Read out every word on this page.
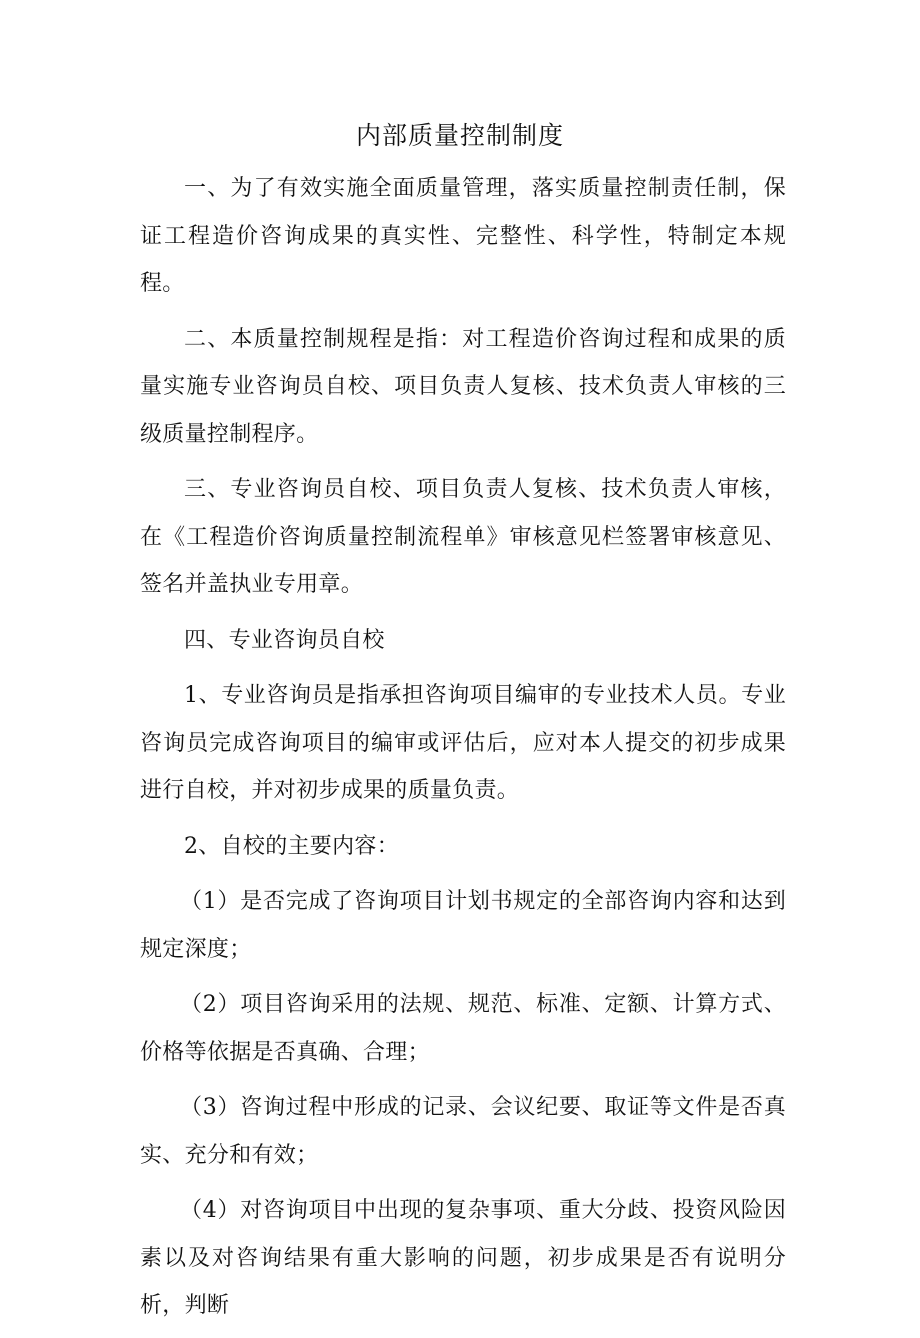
内部质量控制制度

一、为了有效实施全面质量管理，落实质量控制责任制，保证工程造价咨询成果的真实性、完整性、科学性，特制定本规程。

二、本质量控制规程是指：对工程造价咨询过程和成果的质量实施专业咨询员自校、项目负责人复核、技术负责人审核的三级质量控制程序。

三、专业咨询员自校、项目负责人复核、技术负责人审核，在《工程造价咨询质量控制流程单》审核意见栏签署审核意见、签名并盖执业专用章。

四、专业咨询员自校

1、专业咨询员是指承担咨询项目编审的专业技术人员。专业咨询员完成咨询项目的编审或评估后，应对本人提交的初步成果进行自校，并对初步成果的质量负责。

2、自校的主要内容：

（1）是否完成了咨询项目计划书规定的全部咨询内容和达到规定深度；

（2）项目咨询采用的法规、规范、标准、定额、计算方式、价格等依据是否真确、合理；

（3）咨询过程中形成的记录、会议纪要、取证等文件是否真实、充分和有效；

（4）对咨询项目中出现的复杂事项、重大分歧、投资风险因素以及对咨询结果有重大影响的问题，初步成果是否有说明分析，判断
